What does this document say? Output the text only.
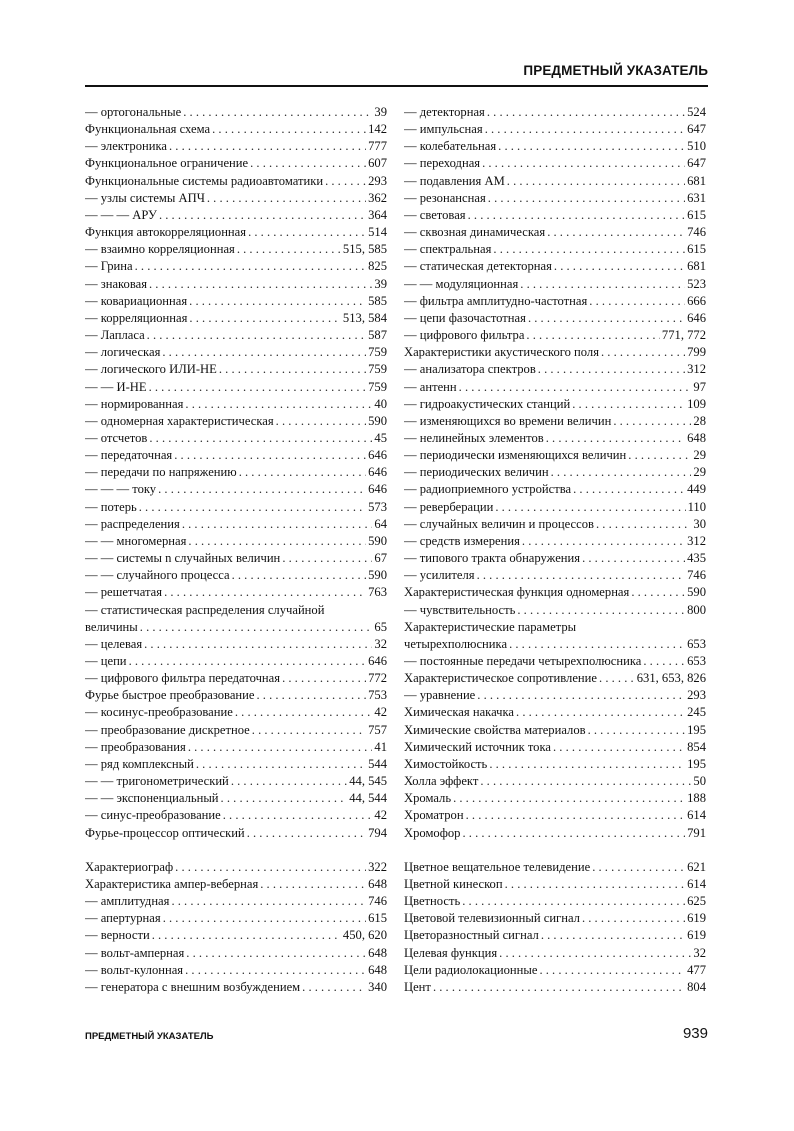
ПРЕДМЕТНЫЙ УКАЗАТЕЛЬ
— ортогональные . . .	39
Функциональная схема . . .	142
— электроника . . .	777
Функциональное ограничение . . .	607
Функциональные системы радиоавтоматики . . .	293
— узлы системы АПЧ . . .	362
— — — АРУ . . .	364
Функция автокорреляционная . . .	514
— взаимно корреляционная . . .	515, 585
— Грина . . .	825
— знаковая . . .	39
— ковариационная . . .	585
— корреляционная . . .	513, 584
— Лапласа . . .	587
— логическая . . .	759
— логического ИЛИ-НЕ . . .	759
— — И-НЕ . . .	759
— нормированная . . .	40
— одномерная характеристическая . . .	590
— отсчетов . . .	45
— передаточная . . .	646
— передачи по напряжению . . .	646
— — — току . . .	646
— потерь . . .	573
— распределения . . .	64
— — многомерная . . .	590
— — системы n случайных величин . . .	67
— — случайного процесса . . .	590
— решетчатая . . .	763
— статистическая распределения случайной
величины . . .	65
— целевая . . .	32
— цепи . . .	646
— цифрового фильтра передаточная . . .	772
Фурье быстрое преобразование . . .	753
— косинус-преобразование . . .	42
— преобразование дискретное . . .	757
— преобразования . . .	41
— ряд комплексный . . .	544
— — тригонометрический . . .	44, 545
— — экспоненциальный . . .	44, 544
— синус-преобразование . . .	42
Фурье-процессор оптический . . .	794
Характериограф . . .	322
Характеристика ампер-веберная . . .	648
— амплитудная . . .	746
— апертурная . . .	615
— верности . . .	450, 620
— вольт-амперная . . .	648
— вольт-кулонная . . .	648
— генератора с внешним возбуждением . . .	340
— детекторная . . .	524
— импульсная . . .	647
— колебательная . . .	510
— переходная . . .	647
— подавления АМ . . .	681
— резонансная . . .	631
— световая . . .	615
— сквозная динамическая . . .	746
— спектральная . . .	615
— статическая детекторная . . .	681
— — модуляционная . . .	523
— фильтра амплитудно-частотная . . .	666
— цепи фазочастотная . . .	646
— цифрового фильтра . . .	771, 772
Характеристики акустического поля . . .	799
— анализатора спектров . . .	312
— антенн . . .	97
— гидроакустических станций . . .	109
— изменяющихся во времени величин . . .	28
— нелинейных элементов . . .	648
— периодически изменяющихся величин . . .	29
— периодических величин . . .	29
— радиоприемного устройства . . .	449
— реверберации . . .	110
— случайных величин и процессов . . .	30
— средств измерения . . .	312
— типового тракта обнаружения . . .	435
— усилителя . . .	746
Характеристическая функция одномерная . . .	590
— чувствительность . . .	800
Характеристические параметры
четырехполюсника . . .	653
— постоянные передачи четырехполюсника . . .	653
Характеристическое сопротивление . . .	631, 653, 826
— уравнение . . .	293
Химическая накачка . . .	245
Химические свойства материалов . . .	195
Химический источник тока . . .	854
Химостойкость . . .	195
Холла эффект . . .	50
Хромаль . . .	188
Хроматрон . . .	614
Хромофор . . .	791
Цветное вещательное телевидение . . .	621
Цветной кинескоп . . .	614
Цветность . . .	625
Цветовой телевизионный сигнал . . .	619
Цветоразностный сигнал . . .	619
Целевая функция . . .	32
Цели радиолокационные . . .	477
Цент . . .	804
ПРЕДМЕТНЫЙ УКАЗАТЕЛЬ	939
